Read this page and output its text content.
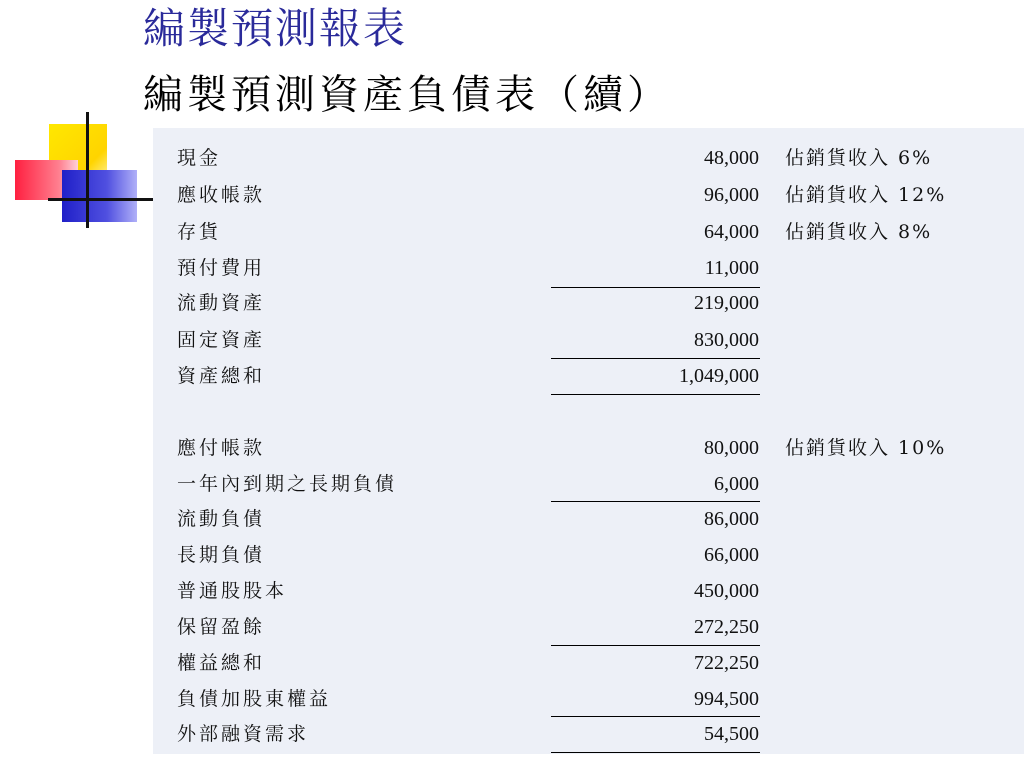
編製預測報表
編製預測資產負債表（續）
現金	48,000 佔銷貨收入 6%
應收帳款	96,000 佔銷貨收入 12%
存貨	64,000 佔銷貨收入 8%
預付費用	11,000
流動資產	219,000
固定資產	830,000
資產總和	1,049,000
應付帳款	80,000 佔銷貨收入 10%
一年內到期之長期負債	6,000
流動負債	86,000
長期負債	66,000
普通股股本	450,000
保留盈餘	272,250
權益總和	722,250
負債加股東權益	994,500
外部融資需求	54,500
